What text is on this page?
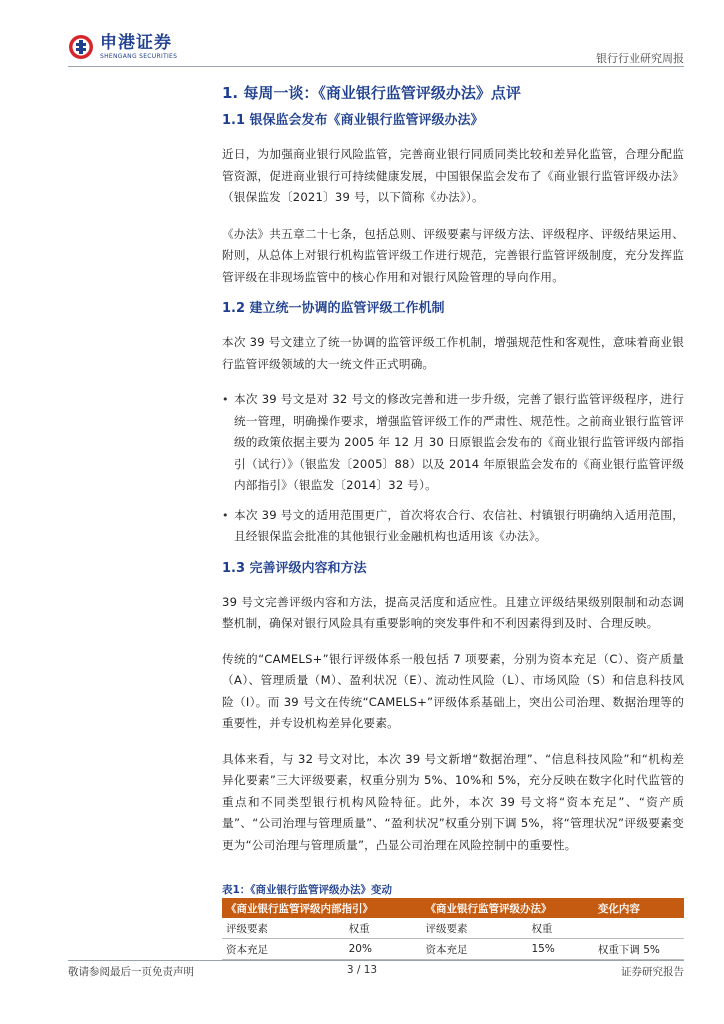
申港证券
SHENGANG SECURITIES	银行行业研究周报
1. 每周一谈：《商业银行监管评级办法》点评
1.1 银保监会发布《商业银行监管评级办法》

近日，为加强商业银行风险监管，完善商业银行同质同类比较和差异化监管，合理分配监管资源，促进商业银行可持续健康发展，中国银保监会发布了《商业银行监管评级办法》（银保监发〔2021〕39 号，以下简称《办法》）。

《办法》共五章二十七条，包括总则、评级要素与评级方法、评级程序、评级结果运用、附则，从总体上对银行机构监管评级工作进行规范，完善银行监管评级制度，充分发挥监管评级在非现场监管中的核心作用和对银行风险管理的导向作用。

1.2 建立统一协调的监管评级工作机制

本次 39 号文建立了统一协调的监管评级工作机制，增强规范性和客观性，意味着商业银行监管评级领域的大一统文件正式明确。

• 本次 39 号文是对 32 号文的修改完善和进一步升级，完善了银行监管评级程序，进行统一管理，明确操作要求，增强监管评级工作的严肃性、规范性。之前商业银行监管评级的政策依据主要为 2005 年 12 月 30 日原银监会发布的《商业银行监管评级内部指引（试行）》（银监发〔2005〕88）以及 2014 年原银监会发布的《商业银行监管评级内部指引》（银监发〔2014〕32 号）。

• 本次 39 号文的适用范围更广，首次将农合行、农信社、村镇银行明确纳入适用范围，且经银保监会批准的其他银行业金融机构也适用该《办法》。

1.3 完善评级内容和方法

39 号文完善评级内容和方法，提高灵活度和适应性。且建立评级结果级别限制和动态调整机制，确保对银行风险具有重要影响的突发事件和不利因素得到及时、合理反映。

传统的“CAMELS+”银行评级体系一般包括 7 项要素，分别为资本充足（C）、资产质量（A）、管理质量（M）、盈利状况（E）、流动性风险（L）、市场风险（S）和信息科技风险（I）。而 39 号文在传统“CAMELS+”评级体系基础上，突出公司治理、数据治理等的重要性，并专设机构差异化要素。

具体来看，与 32 号文对比，本次 39 号文新增“数据治理”、“信息科技风险”和“机构差异化要素”三大评级要素，权重分别为 5%、10%和 5%，充分反映在数字化时代监管的重点和不同类型银行机构风险特征。此外，本次 39 号文将“资本充足”、“资产质量”、“公司治理与管理质量”、“盈利状况”权重分别下调 5%，将“管理状况”评级要素变更为“公司治理与管理质量”，凸显公司治理在风险控制中的重要性。

表1：《商业银行监管评级办法》变动
《商业银行监管评级内部指引》		《商业银行监管评级办法》		变化内容
评级要素	权重	评级要素	权重	
资本充足	20%	资本充足	15%	权重下调 5%
3 / 13
敬请参阅最后一页免责声明	证券研究报告
